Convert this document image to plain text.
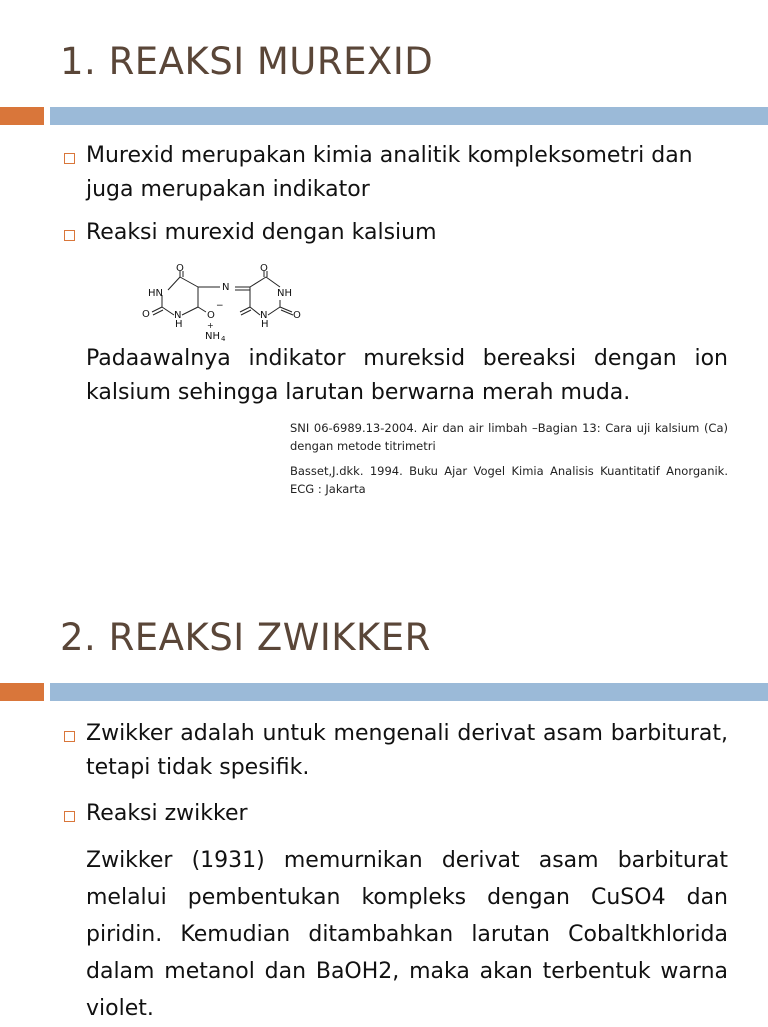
1. REAKSI MUREXID

Murexid merupakan kimia analitik kompleksometri dan juga merupakan indikator

Reaksi murexid dengan kalsium

O
N
O
HN	NH
O N
H
O
−
N
H
O
+
NH 4

Padaawalnya indikator mureksid bereaksi dengan ion kalsium sehingga larutan berwarna merah muda.

SNI 06-6989.13-2004. Air dan air limbah –Bagian 13: Cara uji kalsium (Ca) dengan metode titrimetri

Basset,J.dkk. 1994. Buku Ajar Vogel Kimia Analisis Kuantitatif Anorganik. ECG : Jakarta

2. REAKSI ZWIKKER

Zwikker adalah untuk mengenali derivat asam barbiturat, tetapi tidak spesifik.

Reaksi zwikker

Zwikker (1931) memurnikan derivat asam barbiturat melalui pembentukan kompleks dengan CuSO4 dan piridin. Kemudian ditambahkan larutan Cobaltkhlorida dalam metanol dan BaOH2, maka akan terbentuk warna violet.
